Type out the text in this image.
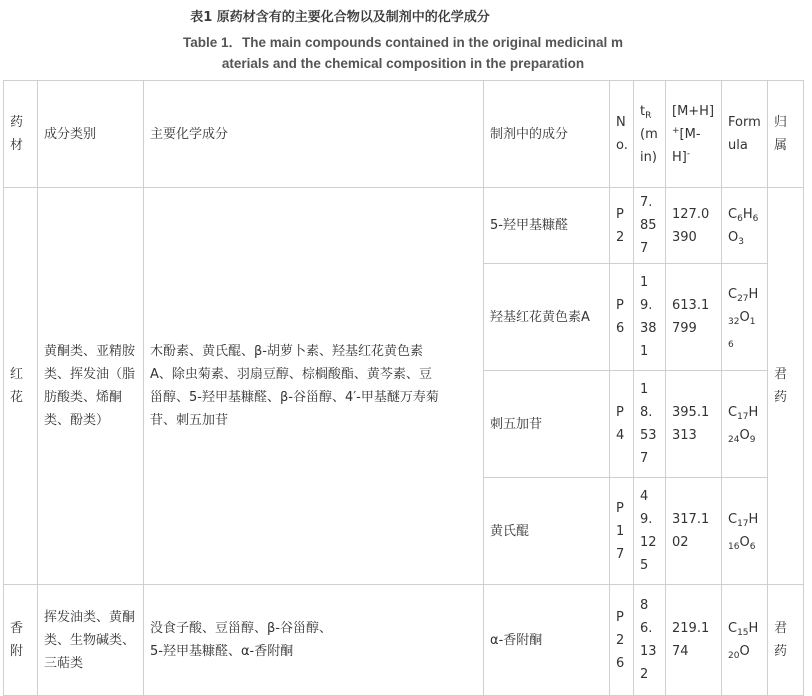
表1 原药材含有的主要化合物以及制剂中的化学成分
Table 1．The main compounds contained in the original medicinal m
aterials and the chemical composition in the preparation
药材	成分类别	主要化学成分	制剂中的成分	No.	$t_R(\min)$	[M+H]+[M-H]-	Formula	归属
红花	黄酮类、亚精胺类、挥发油（脂肪酸类、烯酮类、酚类）	木酚素、黄氏醌、β-胡萝卜素、羟基红花黄色素
A、除虫菊素、羽扇豆醇、棕榈酸酯、黄芩素、豆
甾醇、5-羟甲基糠醛、β-谷甾醇、4′-甲基醚万寿菊
苷、刺五加苷	5-羟甲基糠醛	P2	7.857	127.0390	$C_6H_6O_3$	君药
			羟基红花黄色素A	P6	19.381	613.1799	$C_{27}H_{32}O_{16}$
			刺五加苷	P4	18.537	395.1313	$C_{17}H_{24}O_9$
			黄氏醌	P17	49.125	317.102	$C_{17}H_{16}O_6$
香附	挥发油类、黄酮类、生物碱类、三萜类	没食子酸、豆甾醇、β-谷甾醇、
5-羟甲基糠醛、α-香附酮	α-香附酮	P26	86.132	219.174	$C_{15}H_{20}O$	君药
